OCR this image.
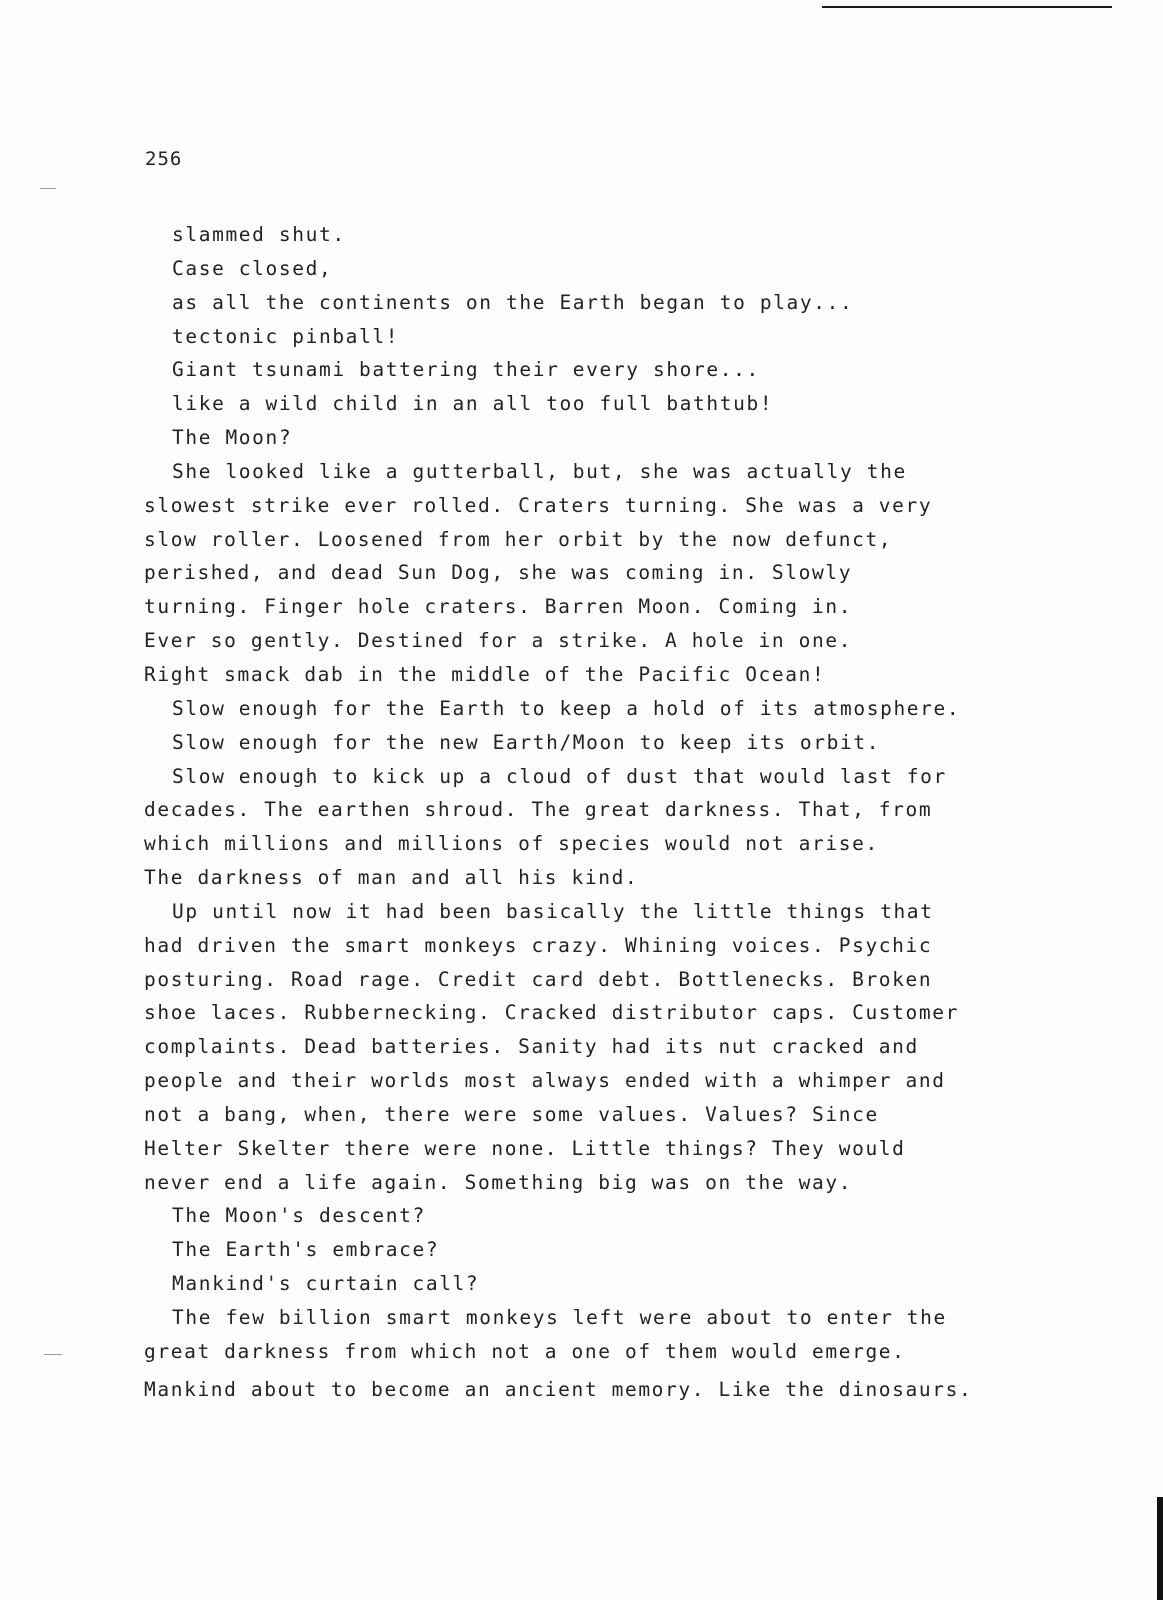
256

slammed shut.
Case closed,
as all the continents on the Earth began to play...
tectonic pinball!
Giant tsunami battering their every shore...
like a wild child in an all too full bathtub!
The Moon?
She looked like a gutterball, but, she was actually the
slowest strike ever rolled. Craters turning. She was a very
slow roller. Loosened from her orbit by the now defunct,
perished, and dead Sun Dog, she was coming in. Slowly
turning. Finger hole craters. Barren Moon. Coming in.
Ever so gently. Destined for a strike. A hole in one.
Right smack dab in the middle of the Pacific Ocean!
Slow enough for the Earth to keep a hold of its atmosphere.
Slow enough for the new Earth/Moon to keep its orbit.
Slow enough to kick up a cloud of dust that would last for
decades. The earthen shroud. The great darkness. That, from
which millions and millions of species would not arise.
The darkness of man and all his kind.
Up until now it had been basically the little things that
had driven the smart monkeys crazy. Whining voices. Psychic
posturing. Road rage. Credit card debt. Bottlenecks. Broken
shoe laces. Rubbernecking. Cracked distributor caps. Customer
complaints. Dead batteries. Sanity had its nut cracked and
people and their worlds most always ended with a whimper and
not a bang, when, there were some values. Values? Since
Helter Skelter there were none. Little things? They would
never end a life again. Something big was on the way.
The Moon's descent?
The Earth's embrace?
Mankind's curtain call?
The few billion smart monkeys left were about to enter the
great darkness from which not a one of them would emerge.
Mankind about to become an ancient memory. Like the dinosaurs.
